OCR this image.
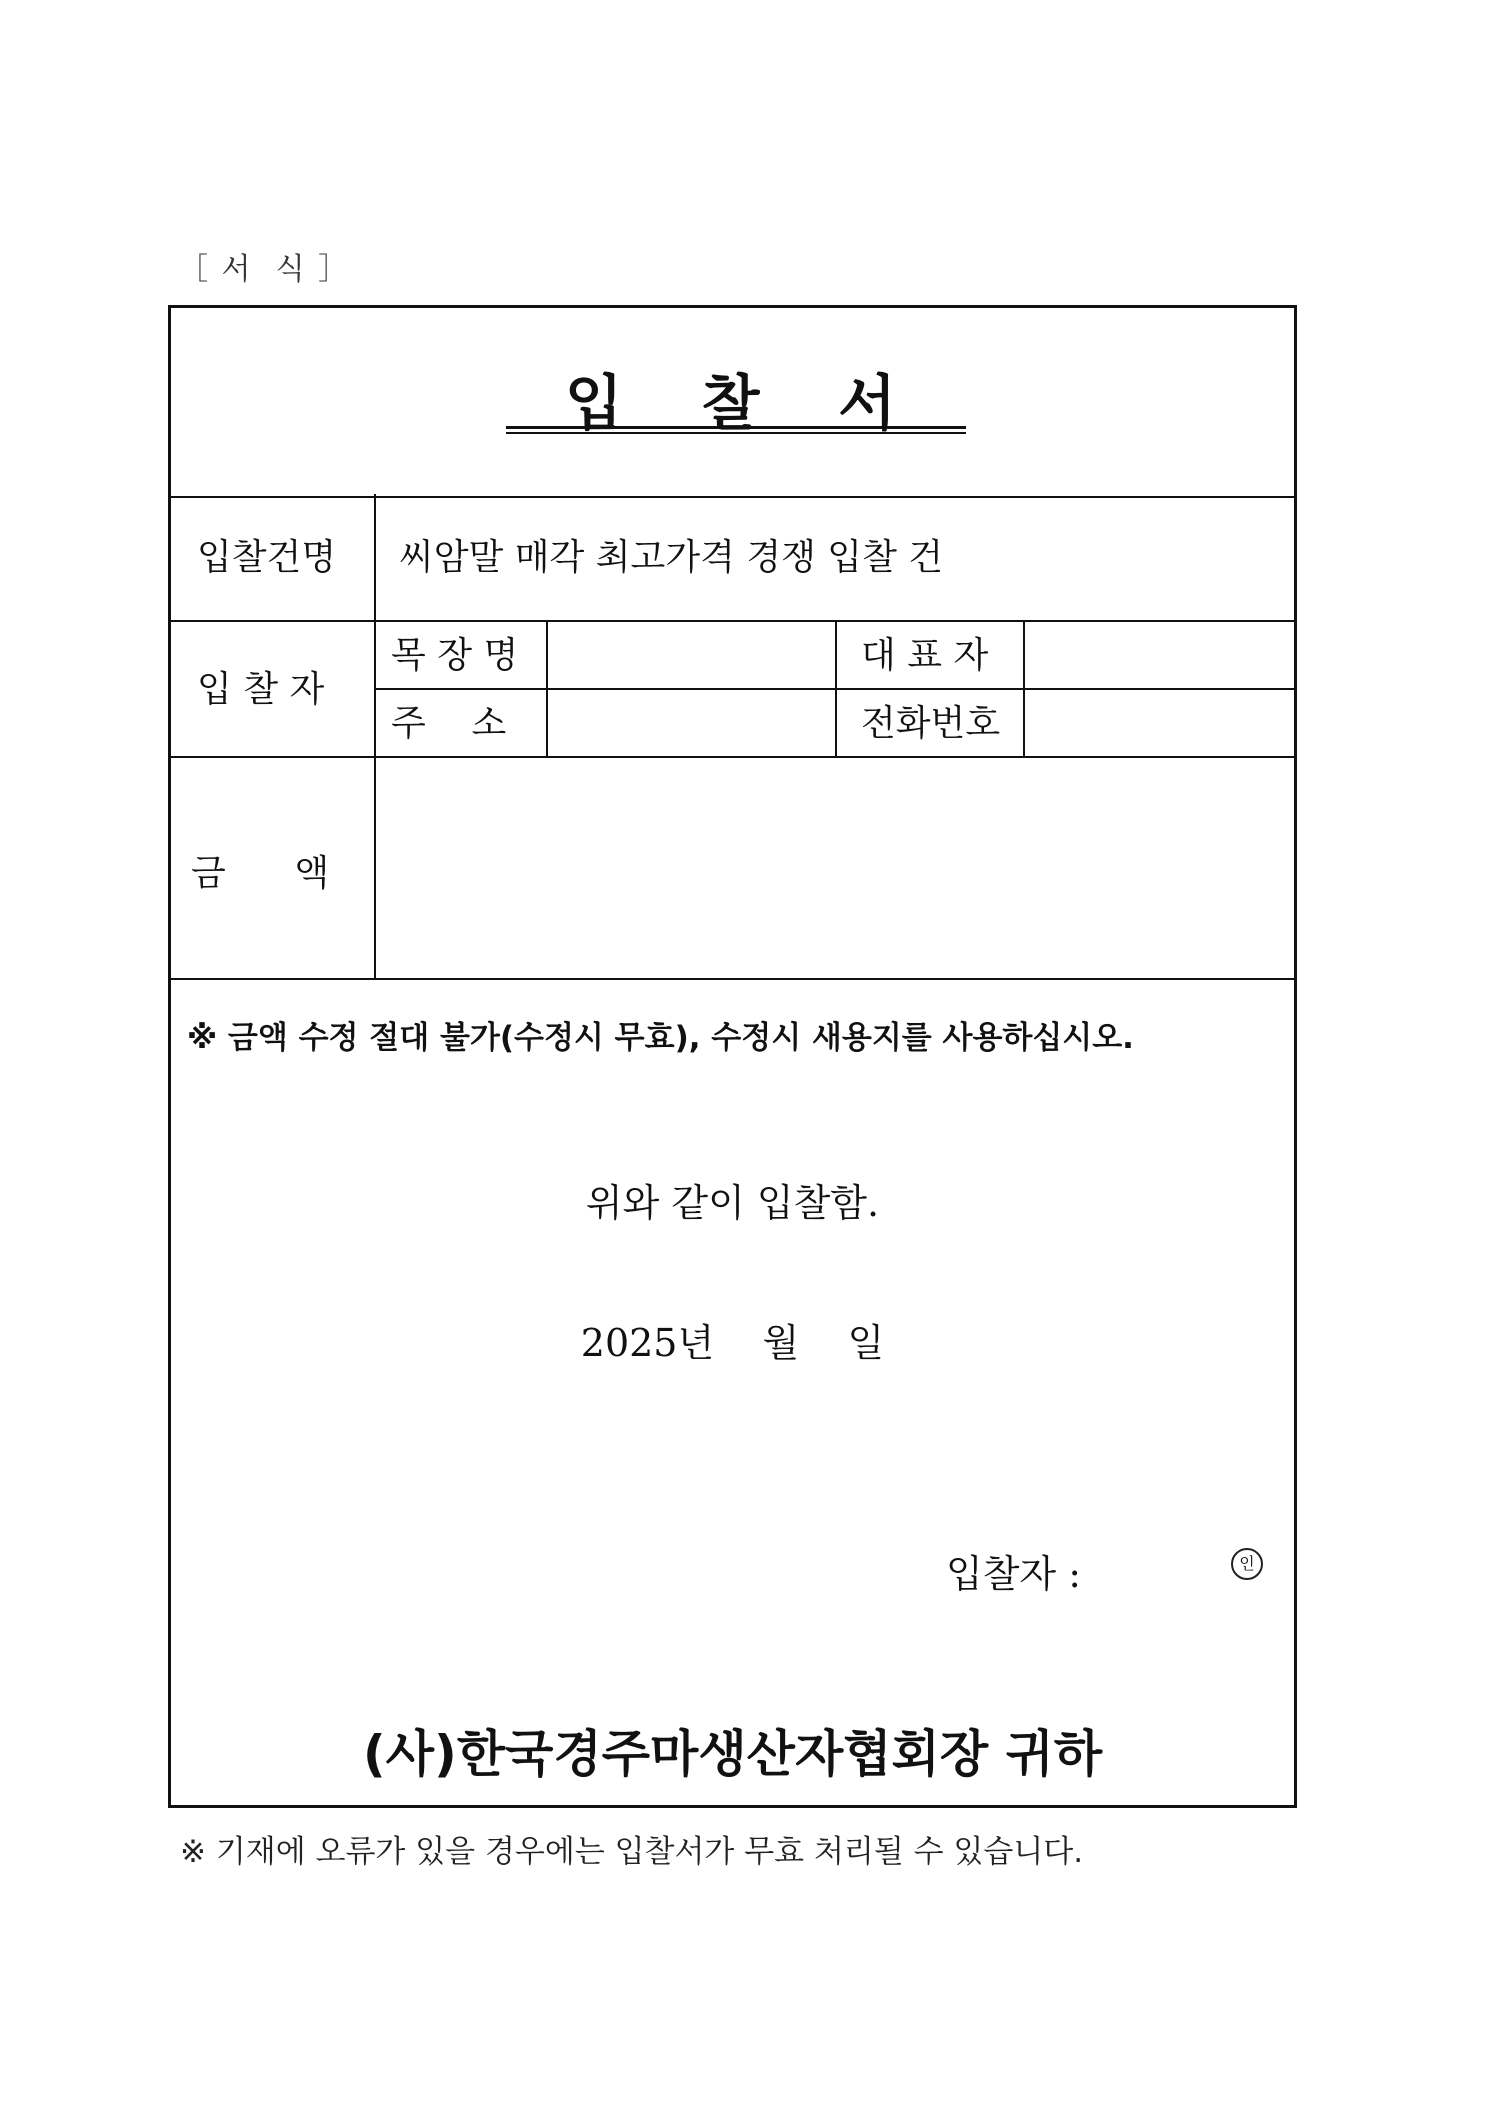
［ 서  식 ］
입   찰   서
입찰건명 씨암말 매각 최고가격 경쟁 입찰 건
입 찰 자
목 장 명	대 표 자
주    소	전화번호
금      액
※ 금액 수정 절대 불가(수정시 무효), 수정시 새용지를 사용하십시오.
위와 같이 입찰함.
2025년    월    일
입찰자 :	인
(사)한국경주마생산자협회장 귀하
※ 기재에 오류가 있을 경우에는 입찰서가 무효 처리될 수 있습니다.
